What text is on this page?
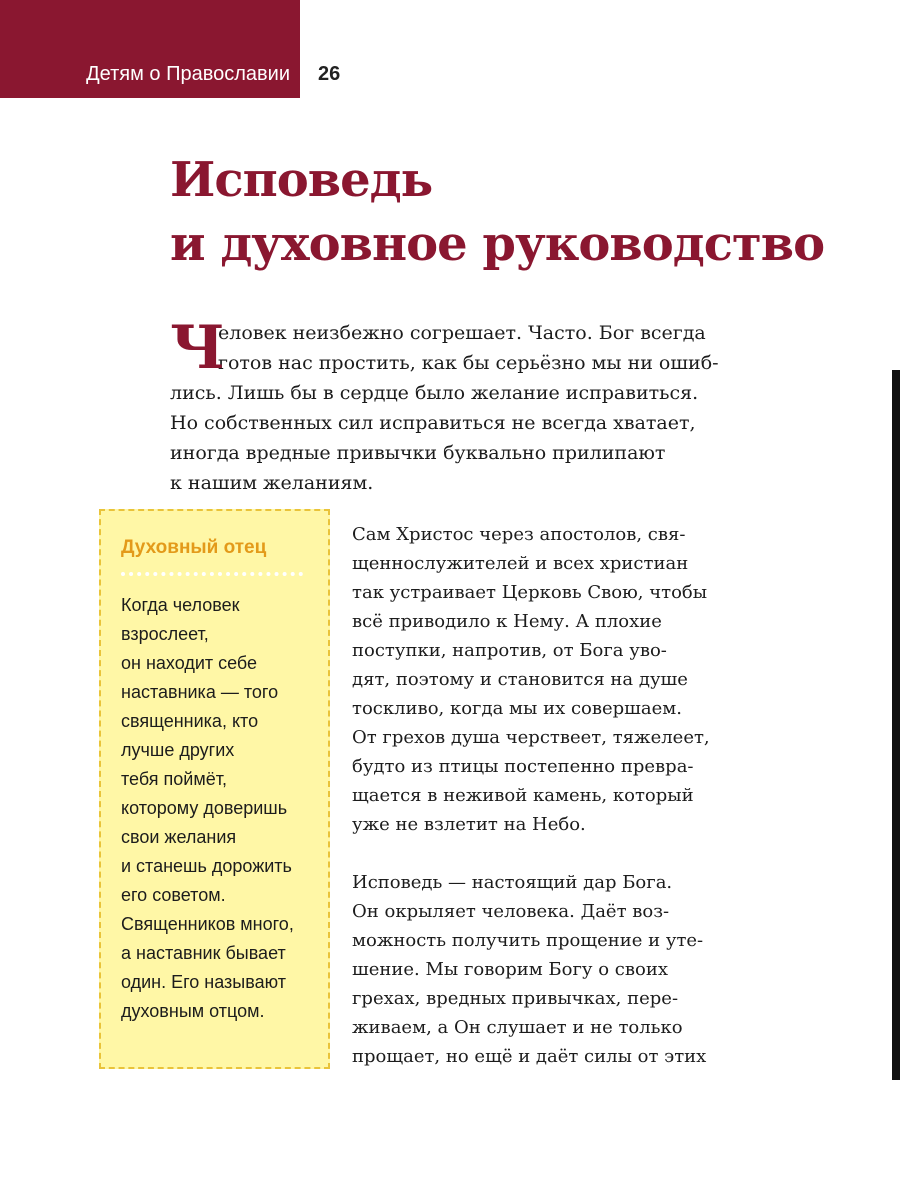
Детям о Православии 26
Исповедь
и духовное руководство
Ч
еловек неизбежно согрешает. Часто. Бог всегда
готов нас простить, как бы серьёзно мы ни ошиб-
лись. Лишь бы в сердце было желание исправиться.
Но собственных сил исправиться не всегда хватает,
иногда вредные привычки буквально прилипают
к нашим желаниям.
Духовный отец
Когда человек
взрослеет,
он находит себе
наставника — того
священника, кто
лучше других
тебя поймёт,
которому доверишь
свои желания
и станешь дорожить
его советом.
Священников много,
а наставник бывает
один. Его называют
духовным отцом.

Сам Христос через апостолов, свя-
щеннослужителей и всех христиан
так устраивает Церковь Свою, чтобы
всё приводило к Нему. А плохие
поступки, напротив, от Бога уво-
дят, поэтому и становится на душе
тоскливо, когда мы их совершаем.
От грехов душа черствеет, тяжелеет,
будто из птицы постепенно превра-
щается в неживой камень, который
уже не взлетит на Небо.

Исповедь — настоящий дар Бога.
Он окрыляет человека. Даёт воз-
можность получить прощение и уте-
шение. Мы говорим Богу о своих
грехах, вредных привычках, пере-
живаем, а Он слушает и не только
прощает, но ещё и даёт силы от этих
